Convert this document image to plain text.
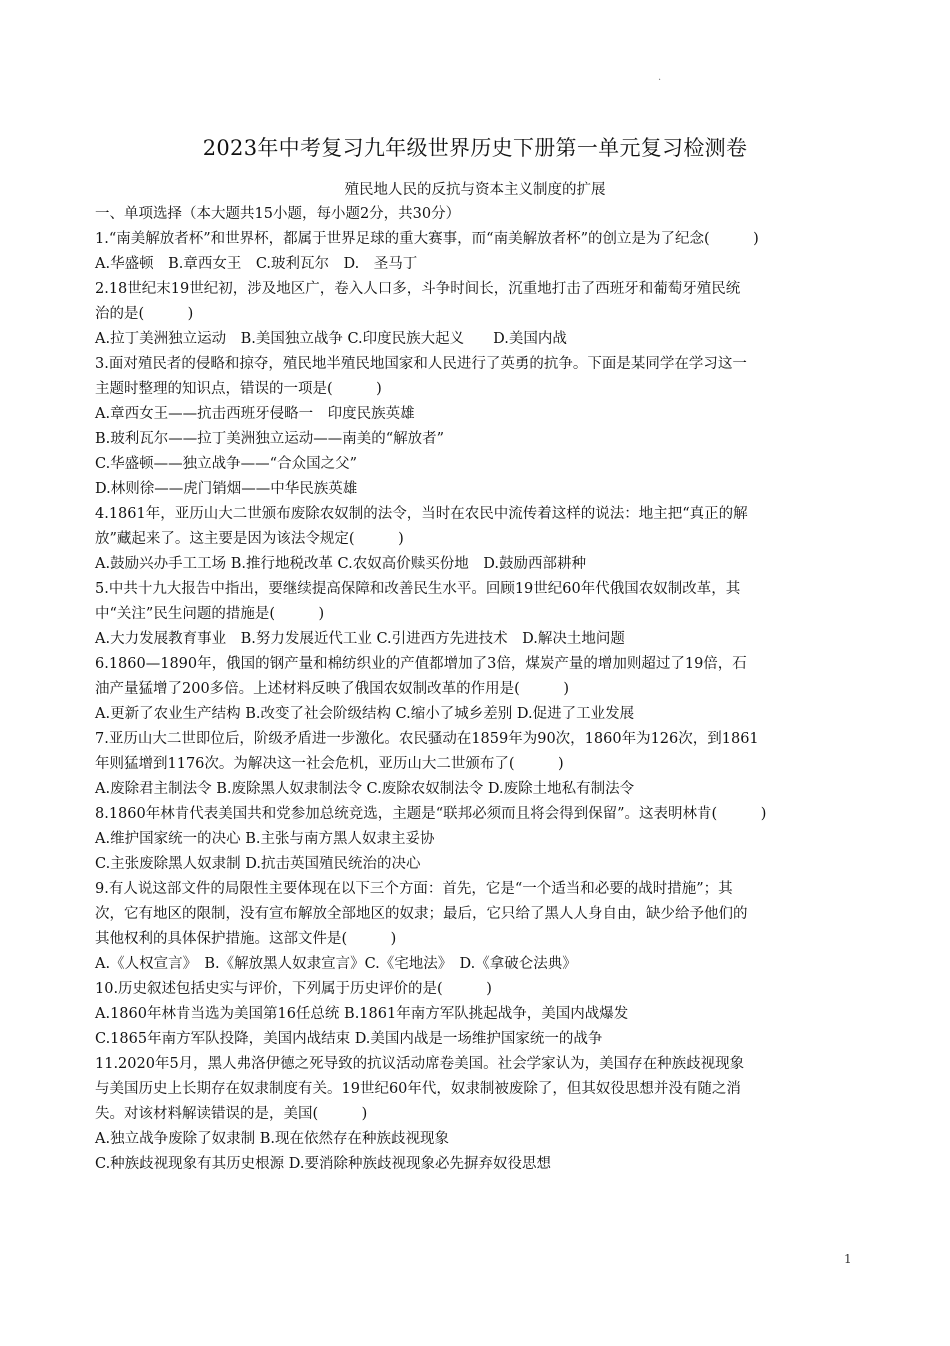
.
2023年中考复习九年级世界历史下册第一单元复习检测卷
殖民地人民的反抗与资本主义制度的扩展
一、单项选择（本大题共15小题，每小题2分，共30分）
1.“南美解放者杯”和世界杯，都属于世界足球的重大赛事，而“南美解放者杯”的创立是为了纪念(　　　)
A.华盛顿　B.章西女王　C.玻利瓦尔　D.　圣马丁
2.18世纪末19世纪初，涉及地区广，卷入人口多，斗争时间长，沉重地打击了西班牙和葡萄牙殖民统
治的是(　　　)
A.拉丁美洲独立运动　B.美国独立战争 C.印度民族大起义　　D.美国内战
3.面对殖民者的侵略和掠夺，殖民地半殖民地国家和人民进行了英勇的抗争。下面是某同学在学习这一
主题时整理的知识点，错误的一项是(　　　)
A.章西女王——抗击西班牙侵略一　印度民族英雄
B.玻利瓦尔——拉丁美洲独立运动——南美的“解放者”
C.华盛顿——独立战争——“合众国之父”
D.林则徐——虎门销烟——中华民族英雄
4.1861年，亚历山大二世颁布废除农奴制的法令，当时在农民中流传着这样的说法：地主把“真正的解
放”藏起来了。这主要是因为该法令规定(　　　)
A.鼓励兴办手工工场 B.推行地税改革 C.农奴高价赎买份地　D.鼓励西部耕种
5.中共十九大报告中指出，要继续提高保障和改善民生水平。回顾19世纪60年代俄国农奴制改革，其
中“关注”民生问题的措施是(　　　)
A.大力发展教育事业　B.努力发展近代工业 C.引进西方先进技术　D.解决土地问题
6.1860—1890年，俄国的钢产量和棉纺织业的产值都增加了3倍，煤炭产量的增加则超过了19倍，石
油产量猛增了200多倍。上述材料反映了俄国农奴制改革的作用是(　　　)
A.更新了农业生产结构 B.改变了社会阶级结构 C.缩小了城乡差别 D.促进了工业发展
7.亚历山大二世即位后，阶级矛盾进一步激化。农民骚动在1859年为90次，1860年为126次，到1861
年则猛增到1176次。为解决这一社会危机，亚历山大二世颁布了(　　　)
A.废除君主制法令 B.废除黑人奴隶制法令 C.废除农奴制法令 D.废除土地私有制法令
8.1860年林肯代表美国共和党参加总统竞选，主题是“联邦必须而且将会得到保留”。这表明林肯(　　　)
A.维护国家统一的决心 B.主张与南方黑人奴隶主妥协
C.主张废除黑人奴隶制 D.抗击英国殖民统治的决心
9.有人说这部文件的局限性主要体现在以下三个方面：首先，它是“一个适当和必要的战时措施”；其
次，它有地区的限制，没有宣布解放全部地区的奴隶；最后，它只给了黑人人身自由，缺少给予他们的
其他权利的具体保护措施。这部文件是(　　　)
A.《人权宣言》　B.《解放黑人奴隶宣言》C.《宅地法》　D.《拿破仑法典》
10.历史叙述包括史实与评价，下列属于历史评价的是(　　　)
A.1860年林肯当选为美国第16任总统 B.1861年南方军队挑起战争，美国内战爆发
C.1865年南方军队投降，美国内战结束 D.美国内战是一场维护国家统一的战争
11.2020年5月，黑人弗洛伊德之死导致的抗议活动席卷美国。社会学家认为，美国存在种族歧视现象
与美国历史上长期存在奴隶制度有关。19世纪60年代，奴隶制被废除了，但其奴役思想并没有随之消
失。对该材料解读错误的是，美国(　　　)
A.独立战争废除了奴隶制 B.现在依然存在种族歧视现象
C.种族歧视现象有其历史根源 D.要消除种族歧视现象必先摒弃奴役思想
1
